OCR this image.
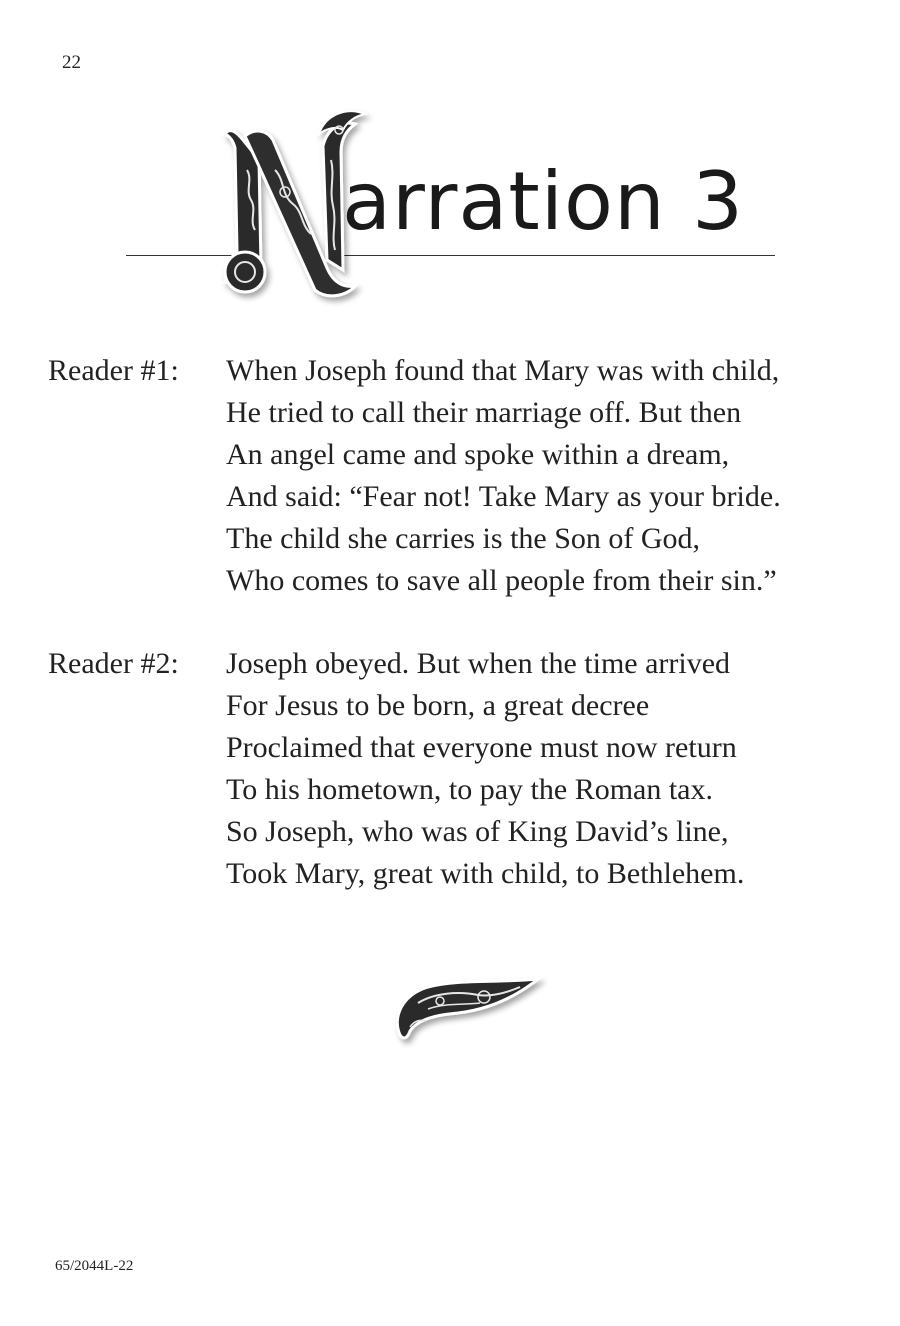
22
arration 3
Reader #1: When Joseph found that Mary was with child,
He tried to call their marriage off. But then
An angel came and spoke within a dream,
And said: “Fear not! Take Mary as your bride.
The child she carries is the Son of God,
Who comes to save all people from their sin.”
Reader #2: Joseph obeyed. But when the time arrived
For Jesus to be born, a great decree
Proclaimed that everyone must now return
To his hometown, to pay the Roman tax.
So Joseph, who was of King David’s line,
Took Mary, great with child, to Bethlehem.
65/2044L-22
